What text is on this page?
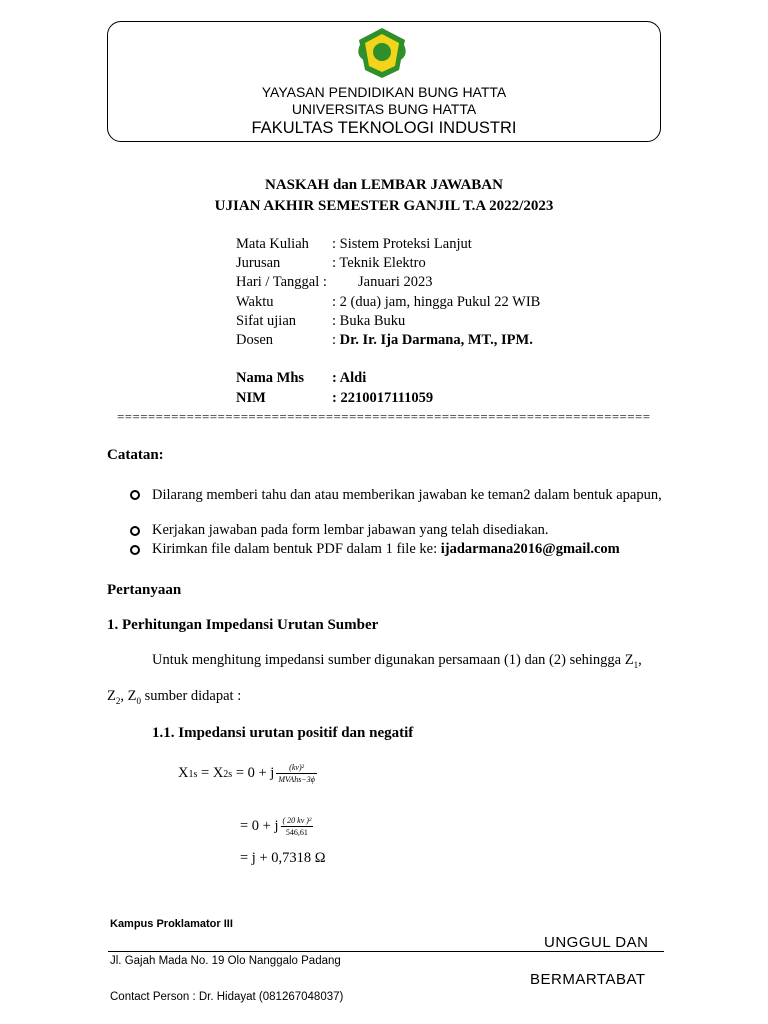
YAYASAN PENDIDIKAN BUNG HATTA
UNIVERSITAS BUNG HATTA
FAKULTAS TEKNOLOGI INDUSTRI
NASKAH dan LEMBAR JAWABAN
UJIAN AKHIR SEMESTER GANJIL T.A 2022/2023
Mata Kuliah : Sistem Proteksi Lanjut
Jurusan	: Teknik Elektro
Hari / Tanggal : Januari 2023
Waktu	: 2 (dua) jam, hingga Pukul 22 WIB
Sifat ujian : Buka Buku
Dosen	: Dr. Ir. Ija Darmana, MT., IPM.
Nama Mhs : Aldi
NIM	: 2210017111059
=====================================================================
Catatan:
Dilarang memberi tahu dan atau memberikan jawaban ke teman2 dalam bentuk apapun,
Kerjakan jawaban pada form lembar jabawan yang telah disediakan.
Kirimkan file dalam bentuk PDF dalam 1 file ke: ijadarmana2016@gmail.com
Pertanyaan
1. Perhitungan Impedansi Urutan Sumber
Untuk menghitung impedansi sumber digunakan persamaan (1) dan (2) sehingga $Z_1$,
$Z_2$, $Z_0$ sumber didapat :
1.1. Impedansi urutan positif dan negatif
X1s = X2s = 0 + j $\frac{\text{(kv)²}}{\text{MVAhs−3ϕ}}$
= 0 + j $\frac{\text{( 20 kv )²}}{546,61}$
= j + 0,7318 Ω
Kampus Proklamator III
UNGGUL DAN
Jl. Gajah Mada No. 19 Olo Nanggalo Padang
BERMARTABAT
Contact Person : Dr. Hidayat (081267048037)
